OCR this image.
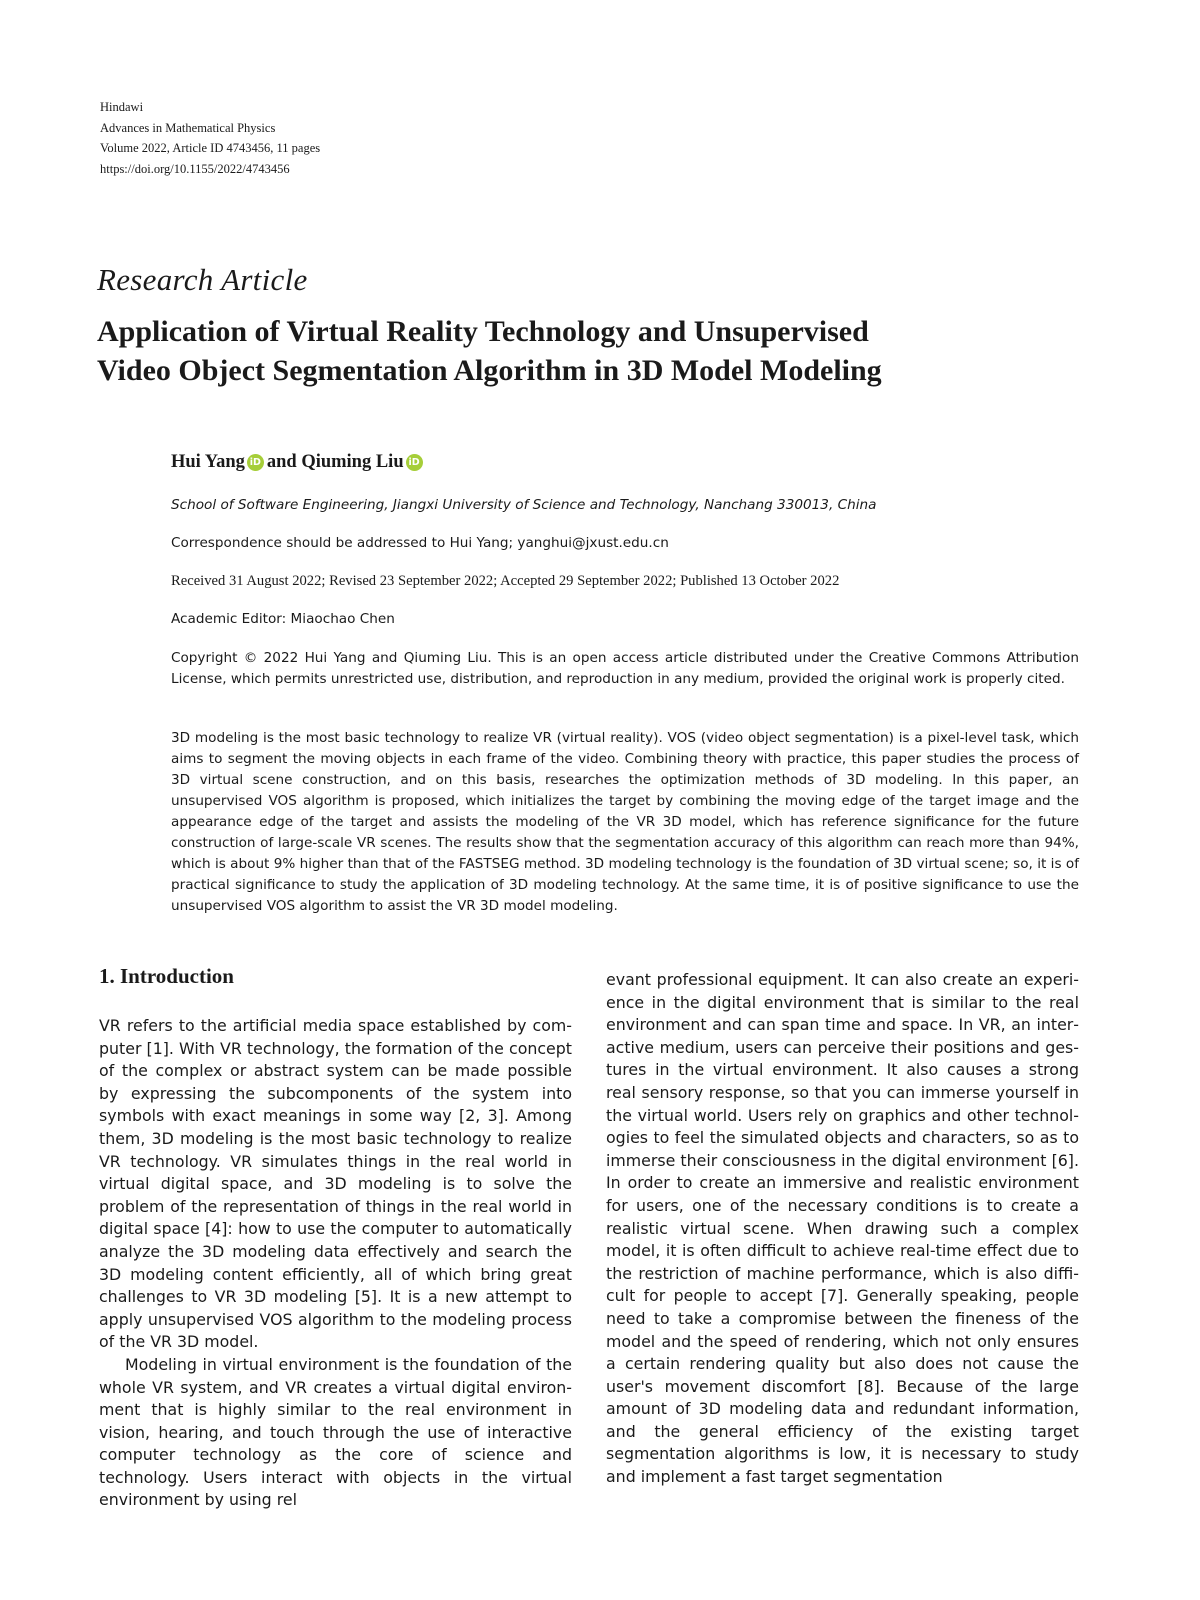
Hindawi
Advances in Mathematical Physics
Volume 2022, Article ID 4743456, 11 pages
https://doi.org/10.1155/2022/4743456
Research Article
Application of Virtual Reality Technology and Unsupervised
Video Object Segmentation Algorithm in 3D Model Modeling
Hui Yang iD and
Qiuming Liu iD
School of Software Engineering, Jiangxi University of Science and Technology, Nanchang 330013, China
Correspondence should be addressed to Hui Yang; yanghui@jxust.edu.cn
Received 31 August 2022; Revised 23 September 2022; Accepted 29 September 2022; Published 13 October 2022
Academic Editor: Miaochao Chen
Copyright © 2022 Hui Yang and Qiuming Liu. This is an open access article distributed under the Creative Commons Attribution License, which permits unrestricted use, distribution, and reproduction in any medium, provided the original work is properly cited.
3D modeling is the most basic technology to realize VR (virtual reality). VOS (video object segmentation) is a pixel-level task, which aims to segment the moving objects in each frame of the video. Combining theory with practice, this paper studies the process of 3D virtual scene construction, and on this basis, researches the optimization methods of 3D modeling. In this paper, an unsupervised VOS algorithm is proposed, which initializes the target by combining the moving edge of the target image and the appearance edge of the target and assists the modeling of the VR 3D model, which has reference significance for the future construction of large-scale VR scenes. The results show that the segmentation accuracy of this algorithm can reach more than 94%, which is about 9% higher than that of the FASTSEG method. 3D modeling technology is the foundation of 3D virtual scene; so, it is of practical significance to study the application of 3D modeling technology. At the same time, it is of positive significance to use the unsupervised VOS algorithm to assist the VR 3D model modeling.
1. Introduction

VR refers to the artificial media space established by computer [1]. With VR technology, the formation of the concept of the complex or abstract system can be made possible by expressing the subcomponents of the system into symbols with exact meanings in some way [2, 3]. Among them, 3D modeling is the most basic technology to realize VR technology. VR simulates things in the real world in virtual digital space, and 3D modeling is to solve the problem of the representation of things in the real world in digital space [4]: how to use the computer to automatically analyze the 3D modeling data effectively and search the 3D modeling content efficiently, all of which bring great challenges to VR 3D modeling [5]. It is a new attempt to apply unsupervised VOS algorithm to the modeling process of the VR 3D model.

Modeling in virtual environment is the foundation of the whole VR system, and VR creates a virtual digital environment that is highly similar to the real environment in vision, hearing, and touch through the use of interactive computer technology as the core of science and technology. Users interact with objects in the virtual environment by using rel

evant professional equipment. It can also create an experience in the digital environment that is similar to the real environment and can span time and space. In VR, an interactive medium, users can perceive their positions and gestures in the virtual environment. It also causes a strong real sensory response, so that you can immerse yourself in the virtual world. Users rely on graphics and other technologies to feel the simulated objects and characters, so as to immerse their consciousness in the digital environment [6]. In order to create an immersive and realistic environment for users, one of the necessary conditions is to create a realistic virtual scene. When drawing such a complex model, it is often difficult to achieve real-time effect due to the restriction of machine performance, which is also difficult for people to accept [7]. Generally speaking, people need to take a compromise between the fineness of the model and the speed of rendering, which not only ensures a certain rendering quality but also does not cause the user's movement discomfort [8]. Because of the large amount of 3D modeling data and redundant information, and the general efficiency of the existing target segmentation algorithms is low, it is necessary to study and implement a fast target segmentation
